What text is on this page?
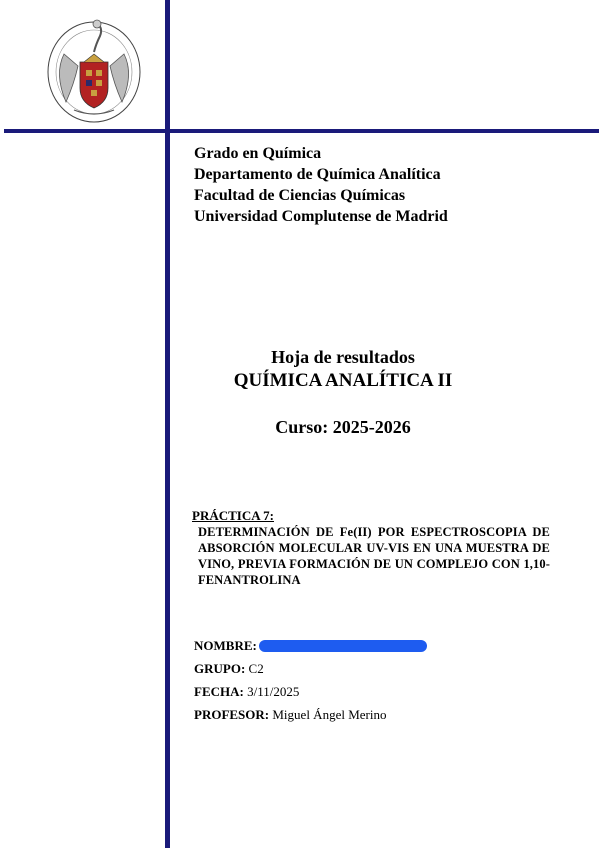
Grado en Química
Departamento de Química Analítica
Facultad de Ciencias Químicas
Universidad Complutense de Madrid
Hoja de resultados
QUÍMICA ANALÍTICA II
Curso: 2025-2026
PRÁCTICA 7:
DETERMINACIÓN DE Fe(II) POR ESPECTROSCOPIA DE ABSORCIÓN MOLECULAR UV-VIS EN UNA MUESTRA DE VINO, PREVIA FORMACIÓN DE UN COMPLEJO CON 1,10-FENANTROLINA
NOMBRE:
GRUPO: C2
FECHA: 3/11/2025
PROFESOR: Miguel Ángel Merino
